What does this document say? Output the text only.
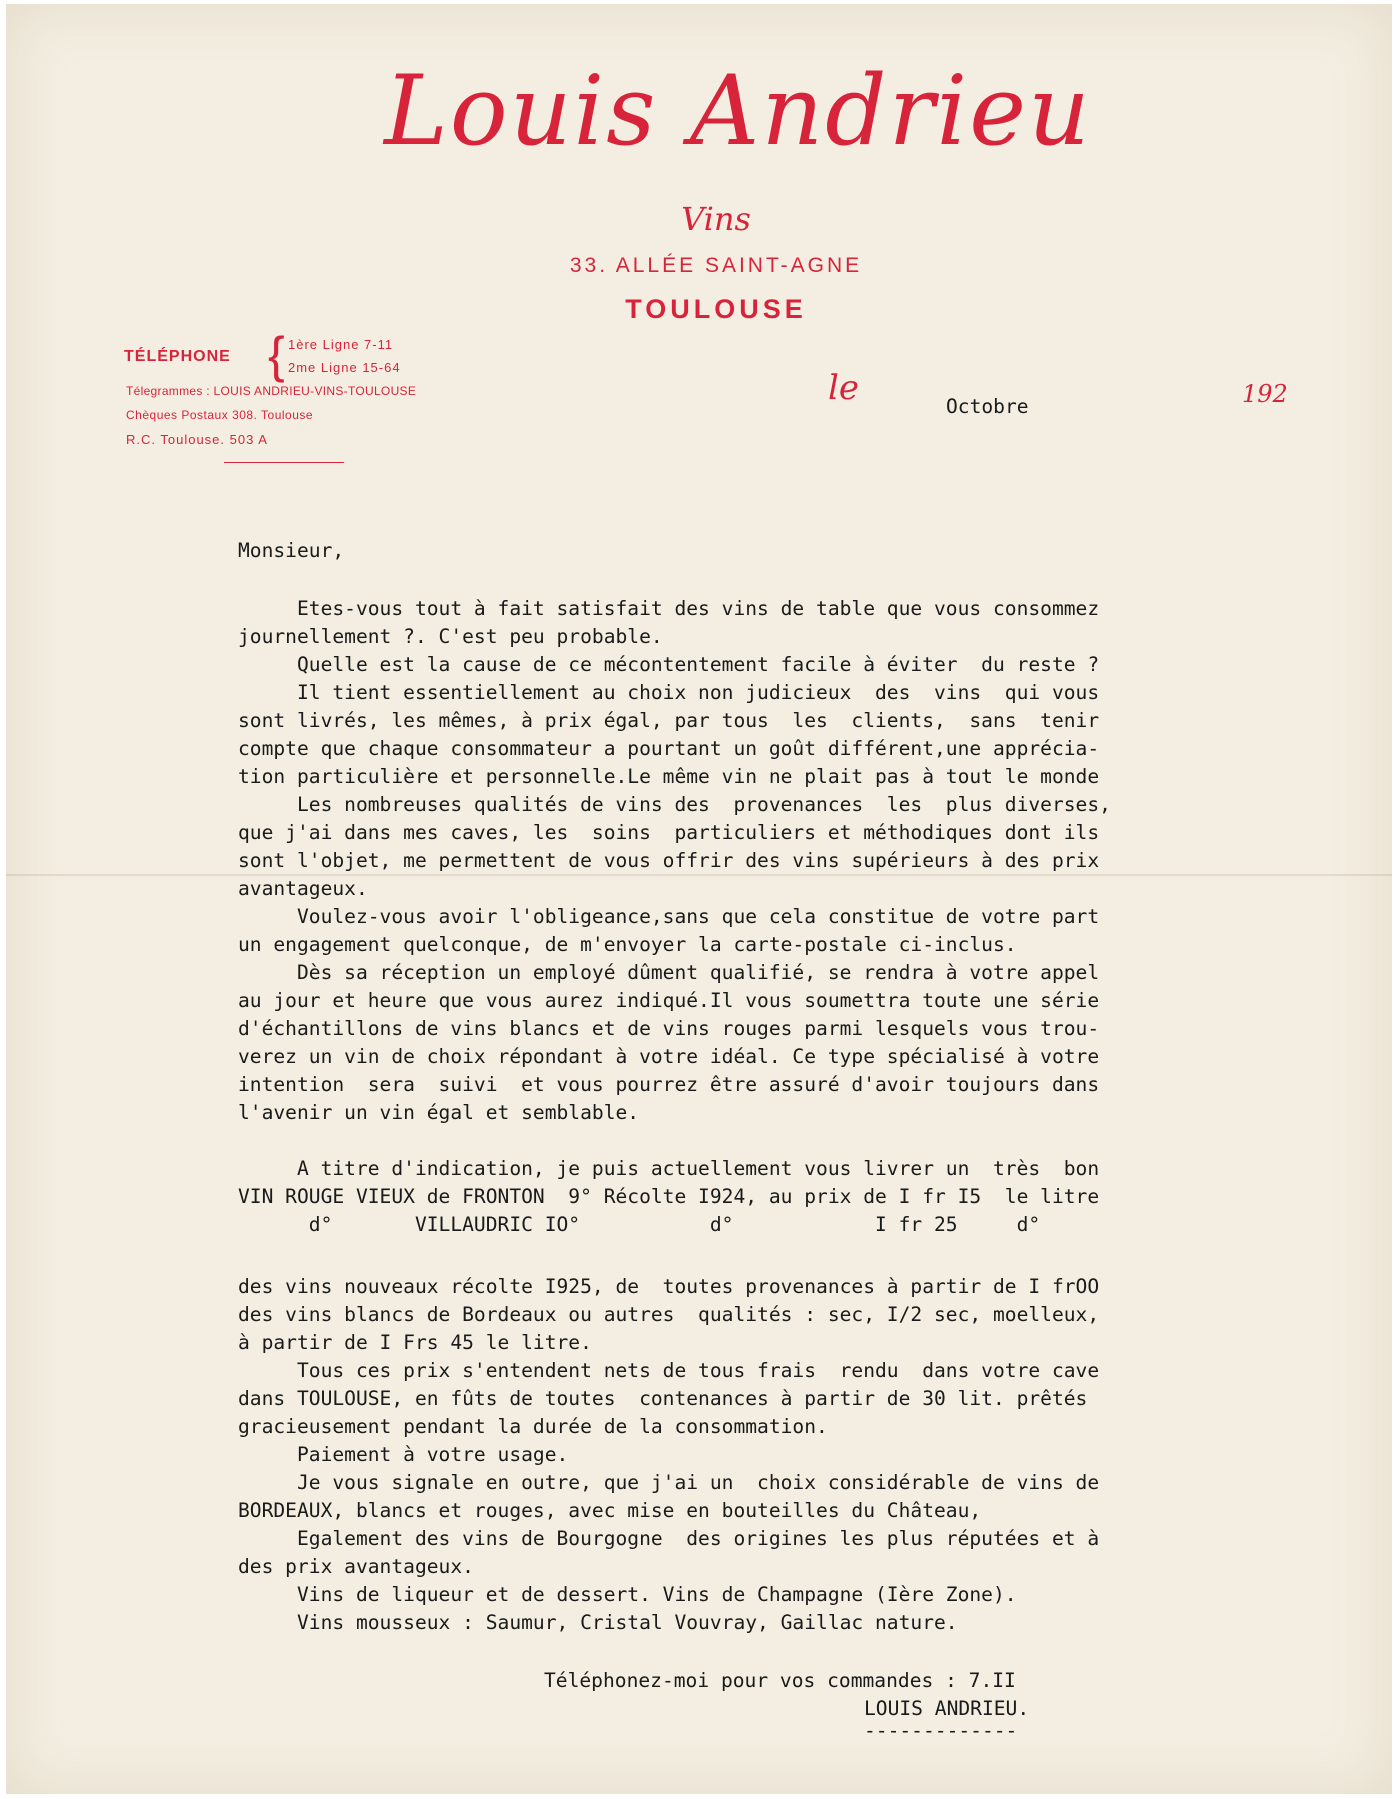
Louis Andrieu
Vins
33. ALLÉE SAINT-AGNE
TOULOUSE
TÉLÉPHONE { 1ère Ligne 7-11
2me Ligne 15-64
Télegrammes : LOUIS ANDRIEU-VINS-TOULOUSE
Chèques Postaux 308. Toulouse
R.C. Toulouse. 503 A
le	192
Octobre
Monsieur,
Etes-vous tout à fait satisfait des vins de table que vous consommez
journellement ?. C'est peu probable.
Quelle est la cause de ce mécontentement facile à éviter  du reste ?
Il tient essentiellement au choix non judicieux  des  vins  qui vous
sont livrés, les mêmes, à prix égal, par tous  les  clients,  sans  tenir
compte que chaque consommateur a pourtant un goût différent,une apprécia-
tion particulière et personnelle.Le même vin ne plait pas à tout le monde
Les nombreuses qualités de vins des  provenances  les  plus diverses,
que j'ai dans mes caves, les  soins  particuliers et méthodiques dont ils
sont l'objet, me permettent de vous offrir des vins supérieurs à des prix
avantageux.
Voulez-vous avoir l'obligeance,sans que cela constitue de votre part
un engagement quelconque, de m'envoyer la carte-postale ci-inclus.
Dès sa réception un employé dûment qualifié, se rendra à votre appel
au jour et heure que vous aurez indiqué.Il vous soumettra toute une série
d'échantillons de vins blancs et de vins rouges parmi lesquels vous trou-
verez un vin de choix répondant à votre idéal. Ce type spécialisé à votre
intention  sera  suivi  et vous pourrez être assuré d'avoir toujours dans
l'avenir un vin égal et semblable.
A titre d'indication, je puis actuellement vous livrer un  très  bon
VIN ROUGE VIEUX de FRONTON  9° Récolte I924, au prix de I fr I5  le litre
d°       VILLAUDRIC IO°           d°            I fr 25     d°
des vins nouveaux récolte I925, de  toutes provenances à partir de I frOO
des vins blancs de Bordeaux ou autres  qualités : sec, I/2 sec, moelleux,
à partir de I Frs 45 le litre.
Tous ces prix s'entendent nets de tous frais  rendu  dans votre cave
dans TOULOUSE, en fûts de toutes  contenances à partir de 30 lit. prêtés
gracieusement pendant la durée de la consommation.
Paiement à votre usage.
Je vous signale en outre, que j'ai un  choix considérable de vins de
BORDEAUX, blancs et rouges, avec mise en bouteilles du Château,
Egalement des vins de Bourgogne  des origines les plus réputées et à
des prix avantageux.
Vins de liqueur et de dessert. Vins de Champagne (Ière Zone).
Vins mousseux : Saumur, Cristal Vouvray, Gaillac nature.
Téléphonez-moi pour vos commandes : 7.II
LOUIS ANDRIEU.
-------------
